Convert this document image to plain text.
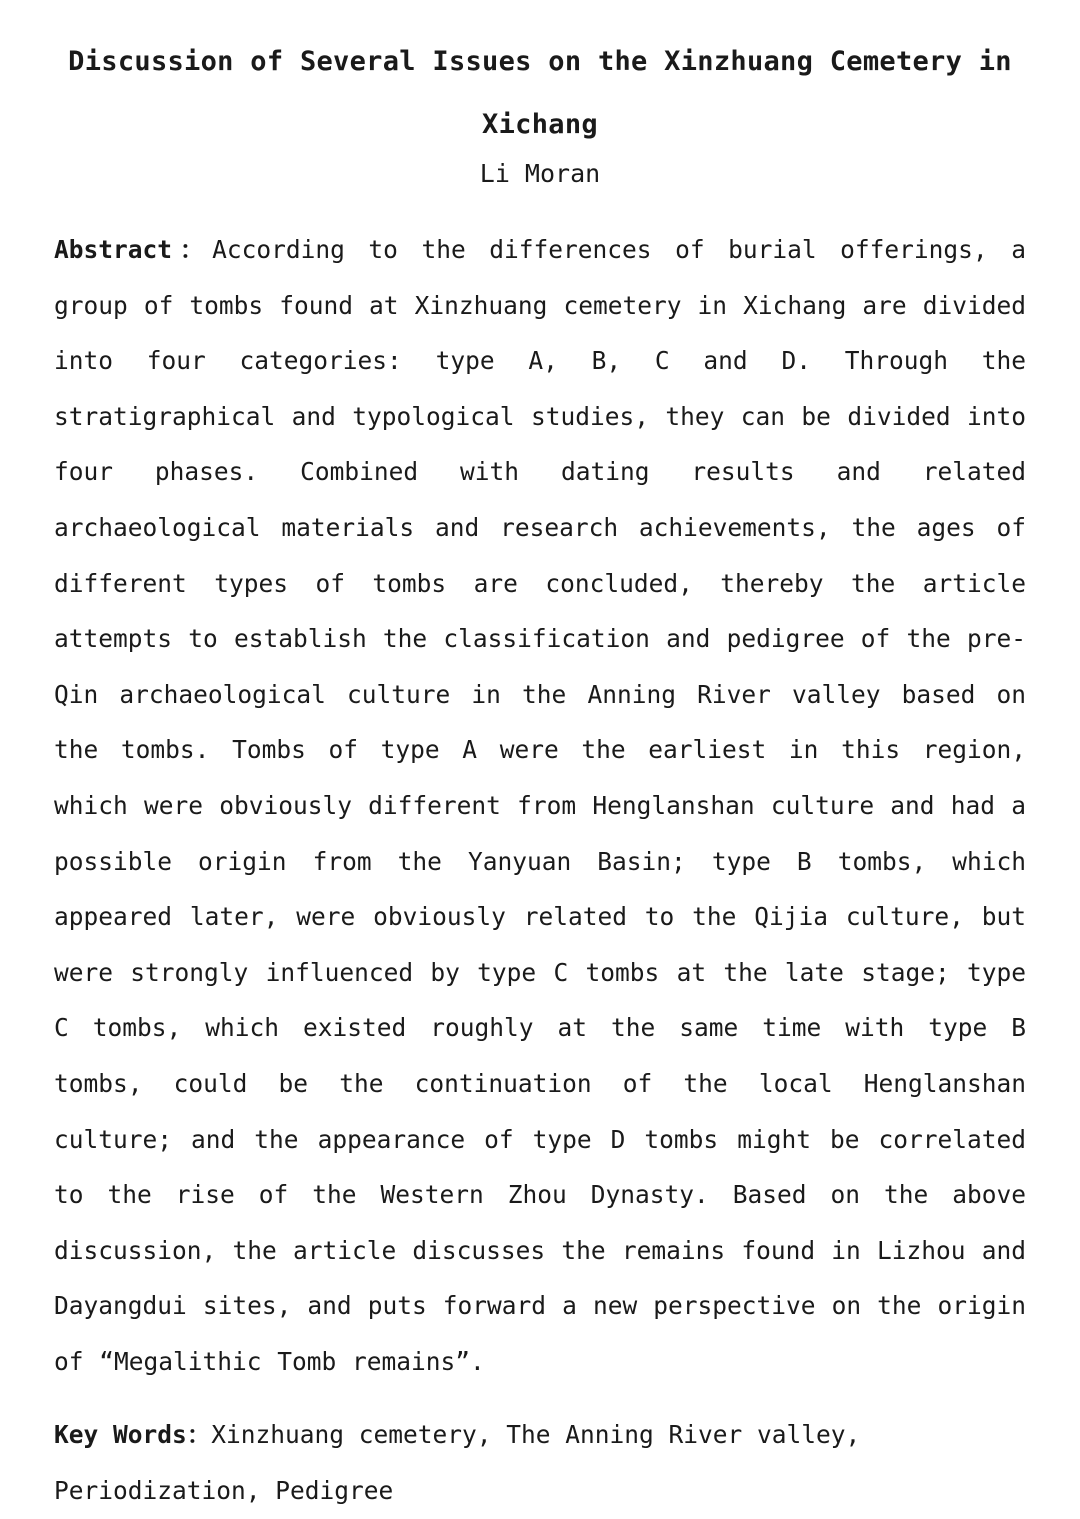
Discussion of Several Issues on the Xinzhuang Cemetery in Xichang

Li Moran

Abstract：According to the differences of burial offerings, a group of tombs found at Xinzhuang cemetery in Xichang are divided into four categories: type A, B, C and D. Through the stratigraphical and typological studies, they can be divided into four phases. Combined with dating results and related archaeological materials and research achievements, the ages of different types of tombs are concluded, thereby the article attempts to establish the classification and pedigree of the pre-Qin archaeological culture in the Anning River valley based on the tombs. Tombs of type A were the earliest in this region, which were obviously different from Henglanshan culture and had a possible origin from the Yanyuan Basin; type B tombs, which appeared later, were obviously related to the Qijia culture, but were strongly influenced by type C tombs at the late stage; type C tombs, which existed roughly at the same time with type B tombs, could be the continuation of the local Henglanshan culture; and the appearance of type D tombs might be correlated to the rise of the Western Zhou Dynasty. Based on the above discussion, the article discusses the remains found in Lizhou and Dayangdui sites, and puts forward a new perspective on the origin of “Megalithic Tomb remains”.

Key Words：Xinzhuang cemetery, The Anning River valley, Periodization, Pedigree
